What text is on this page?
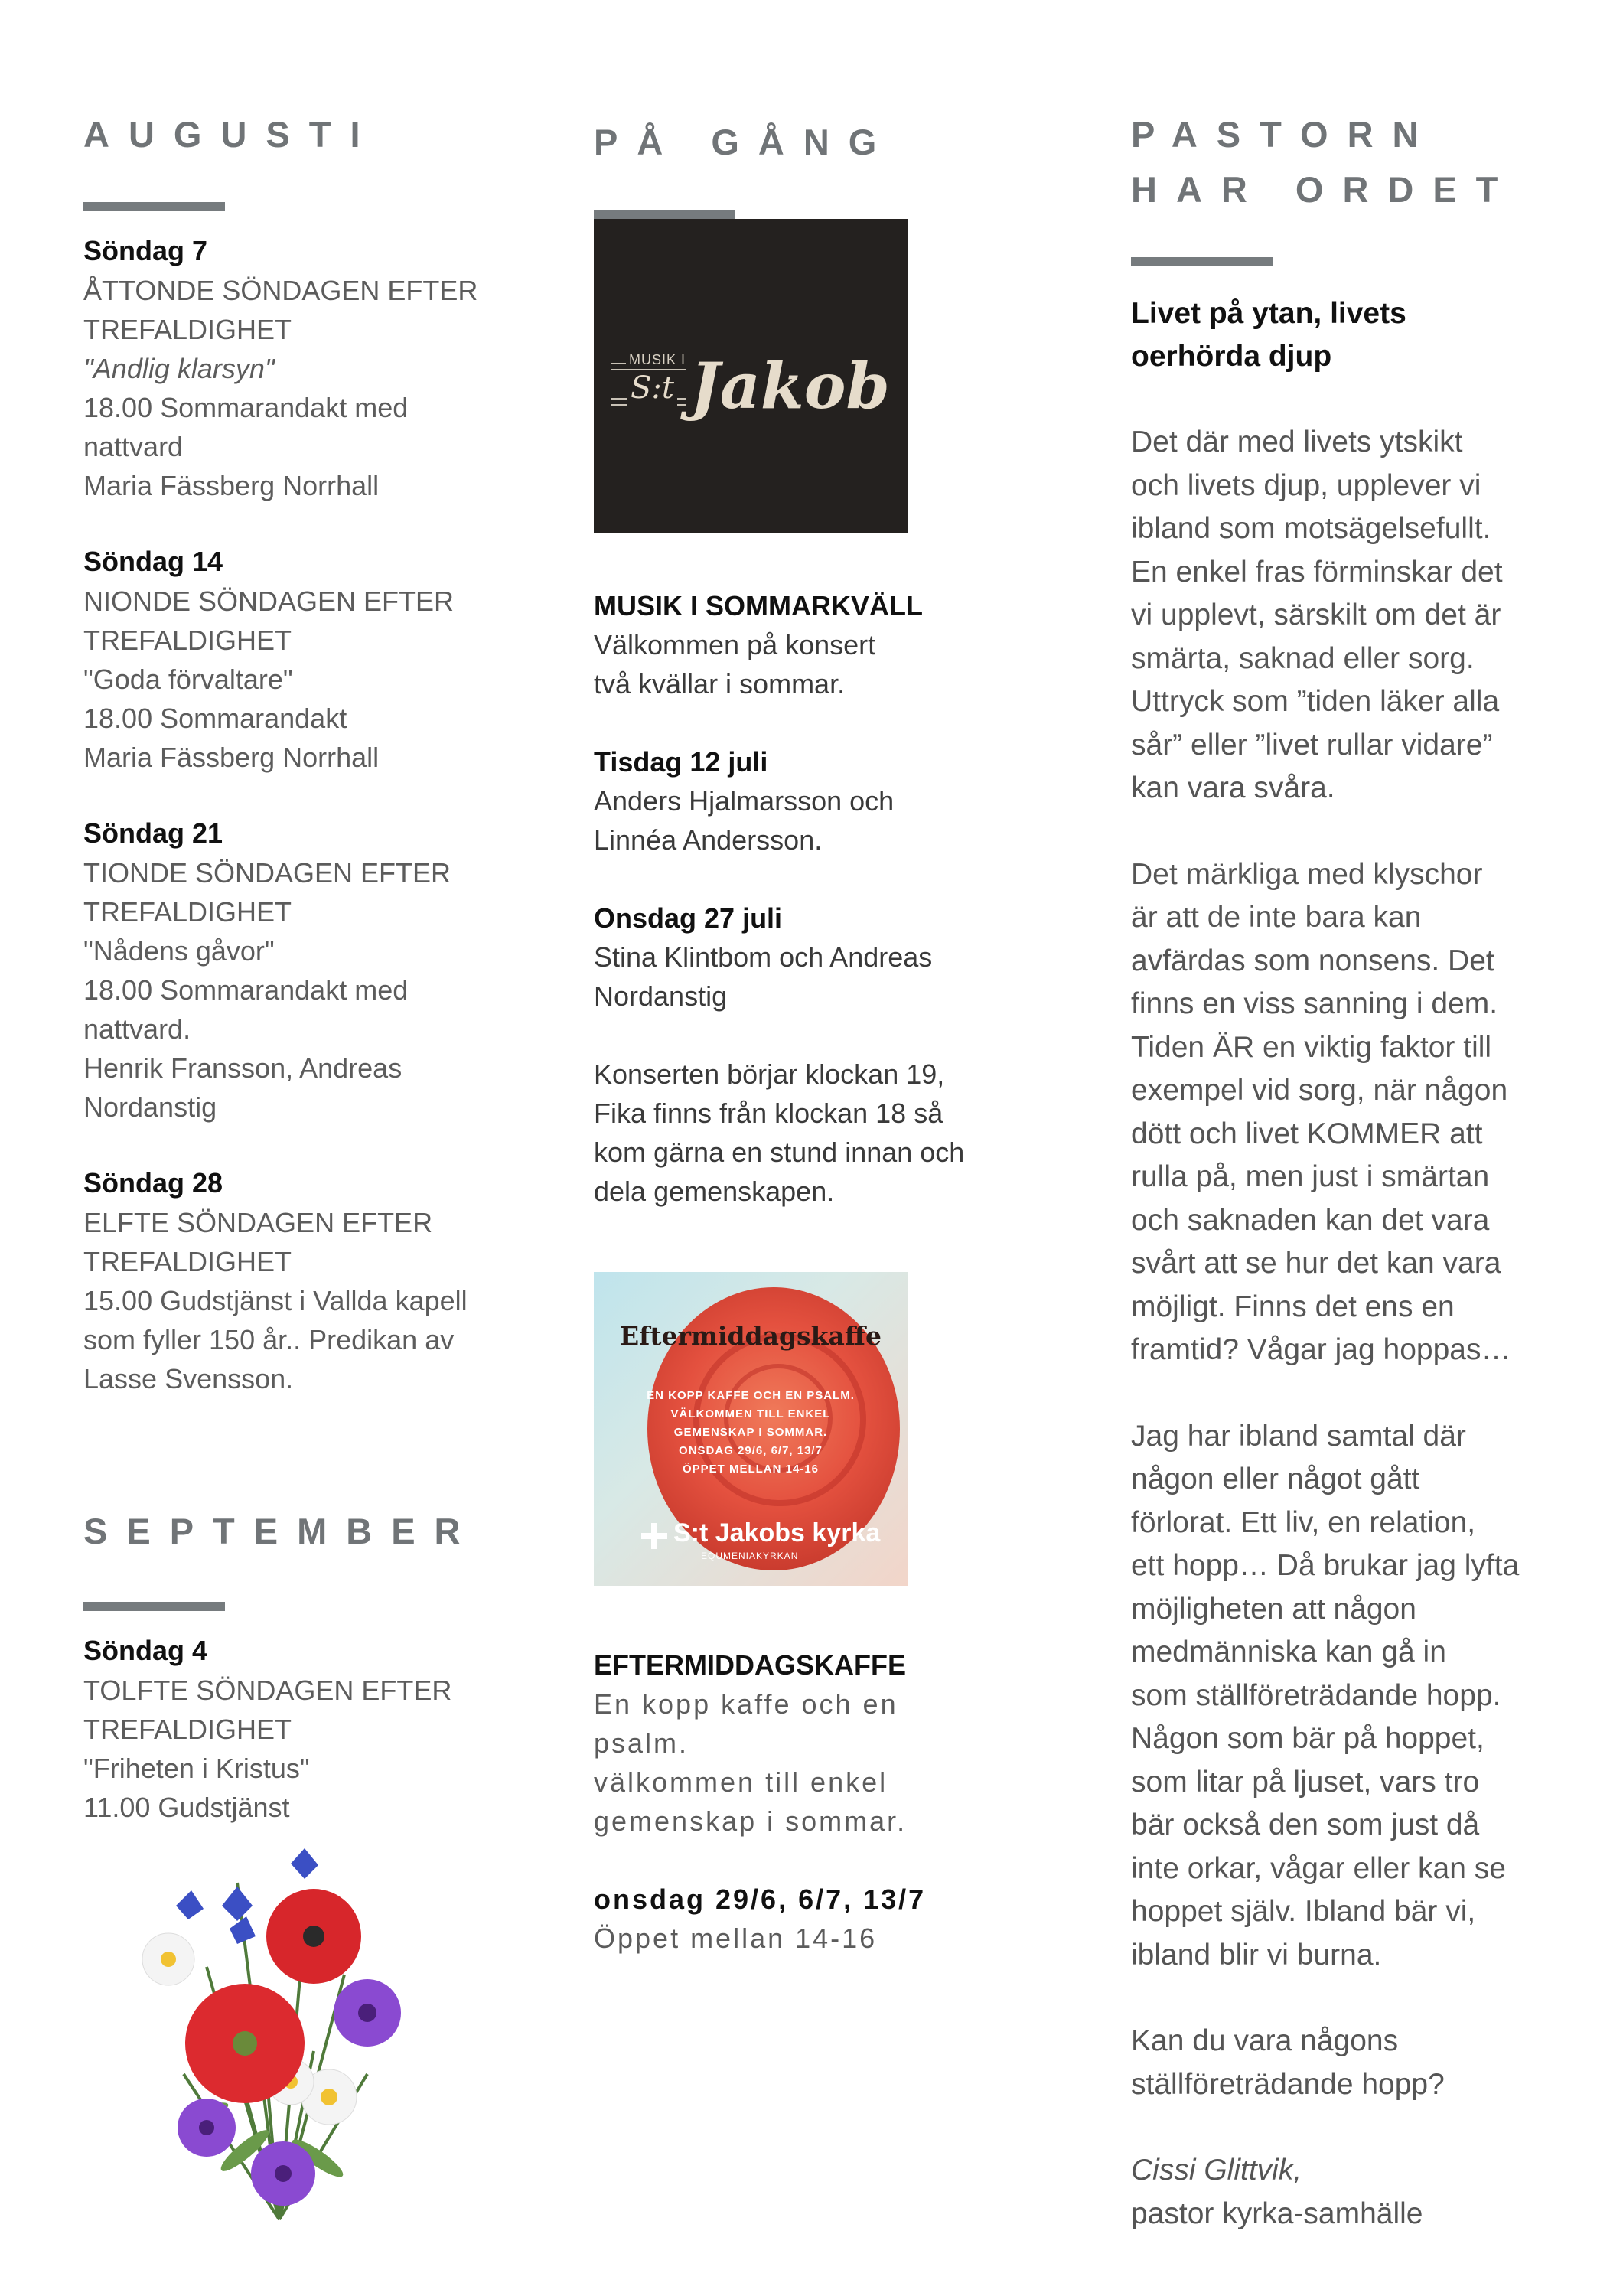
AUGUSTI

Söndag 7

ÅTTONDE SÖNDAGEN EFTER

TREFALDIGHET

"Andlig klarsyn"

18.00 Sommarandakt med

nattvard

Maria Fässberg Norrhall

Söndag 14

NIONDE SÖNDAGEN EFTER

TREFALDIGHET

"Goda förvaltare"

18.00 Sommarandakt

Maria Fässberg Norrhall

Söndag 21

TIONDE SÖNDAGEN EFTER

TREFALDIGHET

"Nådens gåvor"

18.00 Sommarandakt med

nattvard.

Henrik Fransson, Andreas

Nordanstig

Söndag 28

ELFTE SÖNDAGEN EFTER

TREFALDIGHET

15.00 Gudstjänst i Vallda kapell

som fyller 150 år.. Predikan av

Lasse Svensson.

SEPTEMBER

Söndag 4

TOLFTE SÖNDAGEN EFTER

TREFALDIGHET

"Friheten i Kristus"

11.00 Gudstjänst

PÅ GÅNG
MUSIK I
S:t Jakob

MUSIK I SOMMARKVÄLL

Välkommen på konsert

två kvällar i sommar.

Tisdag 12 juli

Anders Hjalmarsson och

Linnéa Andersson.

Onsdag 27 juli

Stina Klintbom och Andreas

Nordanstig

Konserten börjar klockan 19,

Fika finns från klockan 18 så

kom gärna en stund innan och

dela gemenskapen.

Eftermiddagskaffe
EN KOPP KAFFE OCH EN PSALM.
VÄLKOMMEN TILL ENKEL
GEMENSKAP I SOMMAR.
ONSDAG 29/6, 6/7, 13/7
ÖPPET MELLAN 14-16
S:t Jakobs kyrka
EQUMENIAKYRKAN

EFTERMIDDAGSKAFFE

En kopp kaffe och en

psalm.

välkommen till enkel

gemenskap i sommar.

onsdag 29/6, 6/7, 13/7

Öppet mellan 14-16

PASTORN
HAR ORDET

Livet på ytan, livets

oerhörda djup

Det där med livets ytskikt

och livets djup, upplever vi

ibland som motsägelsefullt.

En enkel fras förminskar det

vi upplevt, särskilt om det är

smärta, saknad eller sorg.

Uttryck som ”tiden läker alla

sår” eller ”livet rullar vidare”

kan vara svåra.

Det märkliga med klyschor

är att de inte bara kan

avfärdas som nonsens. Det

finns en viss sanning i dem.

Tiden ÄR en viktig faktor till

exempel vid sorg, när någon

dött och livet KOMMER att

rulla på, men just i smärtan

och saknaden kan det vara

svårt att se hur det kan vara

möjligt. Finns det ens en

framtid? Vågar jag hoppas…

Jag har ibland samtal där

någon eller något gått

förlorat. Ett liv, en relation,

ett hopp… Då brukar jag lyfta

möjligheten att någon

medmänniska kan gå in

som ställföreträdande hopp.

Någon som bär på hoppet,

som litar på ljuset, vars tro

bär också den som just då

inte orkar, vågar eller kan se

hoppet själv. Ibland bär vi,

ibland blir vi burna.

Kan du vara någons

ställföreträdande hopp?

Cissi Glittvik,

pastor kyrka-samhälle
